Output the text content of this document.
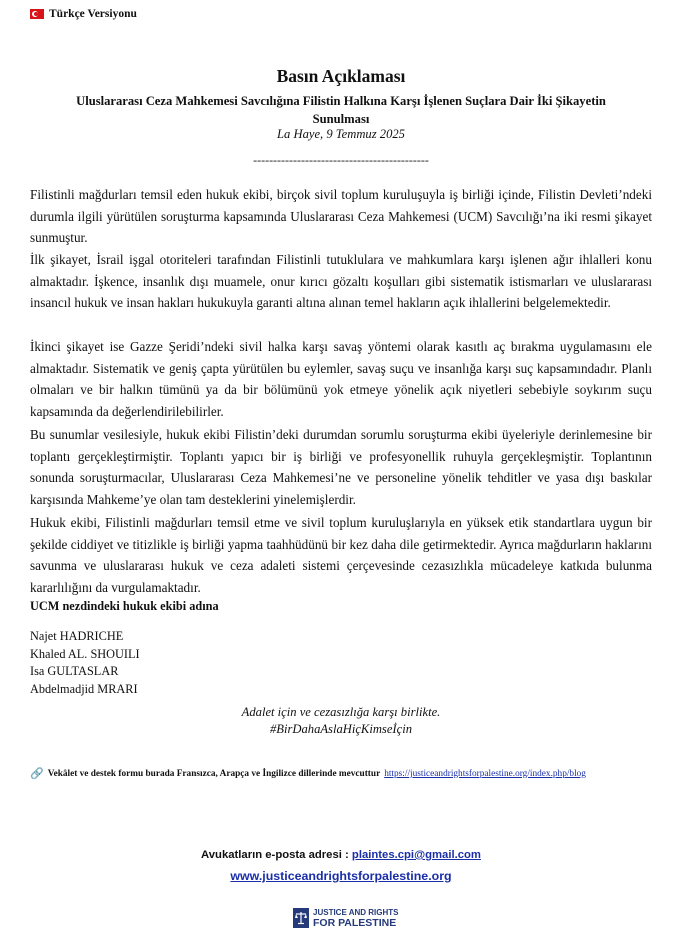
Türkçe Versiyonu
Basın Açıklaması
Uluslararası Ceza Mahkemesi Savcılığına Filistin Halkına Karşı İşlenen Suçlara Dair İki Şikayetin Sunulması
La Haye, 9 Temmuz 2025
--------------------------------------------

Filistinli mağdurları temsil eden hukuk ekibi, birçok sivil toplum kuruluşuyla iş birliği içinde, Filistin Devleti’ndeki durumla ilgili yürütülen soruşturma kapsamında Uluslararası Ceza Mahkemesi (UCM) Savcılığı’na iki resmi şikayet sunmuştur.

İlk şikayet, İsrail işgal otoriteleri tarafından Filistinli tutuklulara ve mahkumlara karşı işlenen ağır ihlalleri konu almaktadır. İşkence, insanlık dışı muamele, onur kırıcı gözaltı koşulları gibi sistematik istismarları ve uluslararası insancıl hukuk ve insan hakları hukukuyla garanti altına alınan temel hakların açık ihlallerini belgelemektedir.

İkinci şikayet ise Gazze Şeridi’ndeki sivil halka karşı savaş yöntemi olarak kasıtlı aç bırakma uygulamasını ele almaktadır. Sistematik ve geniş çapta yürütülen bu eylemler, savaş suçu ve insanlığa karşı suç kapsamındadır. Planlı olmaları ve bir halkın tümünü ya da bir bölümünü yok etmeye yönelik açık niyetleri sebebiyle soykırım suçu kapsamında da değerlendirilebilirler.

Bu sunumlar vesilesiyle, hukuk ekibi Filistin’deki durumdan sorumlu soruşturma ekibi üyeleriyle derinlemesine bir toplantı gerçekleştirmiştir. Toplantı yapıcı bir iş birliği ve profesyonellik ruhuyla gerçekleşmiştir. Toplantının sonunda soruşturmacılar, Uluslararası Ceza Mahkemesi’ne ve personeline yönelik tehditler ve yasa dışı baskılar karşısında Mahkeme’ye olan tam desteklerini yinelemişlerdir.

Hukuk ekibi, Filistinli mağdurları temsil etme ve sivil toplum kuruluşlarıyla en yüksek etik standartlara uygun bir şekilde ciddiyet ve titizlikle iş birliği yapma taahhüdünü bir kez daha dile getirmektedir. Ayrıca mağdurların haklarını savunma ve uluslararası hukuk ve ceza adaleti sistemi çerçevesinde cezasızlıkla mücadeleye katkıda bulunma kararlılığını da vurgulamaktadır.

UCM nezdindeki hukuk ekibi adına
Najet HADRICHE
Khaled AL. SHOUILI
Isa GULTASLAR
Abdelmadjid MRARI
Adalet için ve cezasızlığa karşı birlikte.
#BirDahaAslaHiçKimseİçin
🔗 Vekâlet ve destek formu burada Fransızca, Arapça ve İngilizce dillerinde mevcuttur https://justiceandrightsforpalestine.org/index.php/blog
Avukatların e-posta adresi : plaintes.cpi@gmail.com
www.justiceandrightsforpalestine.org
JUSTICE AND RIGHTS
FOR PALESTINE
